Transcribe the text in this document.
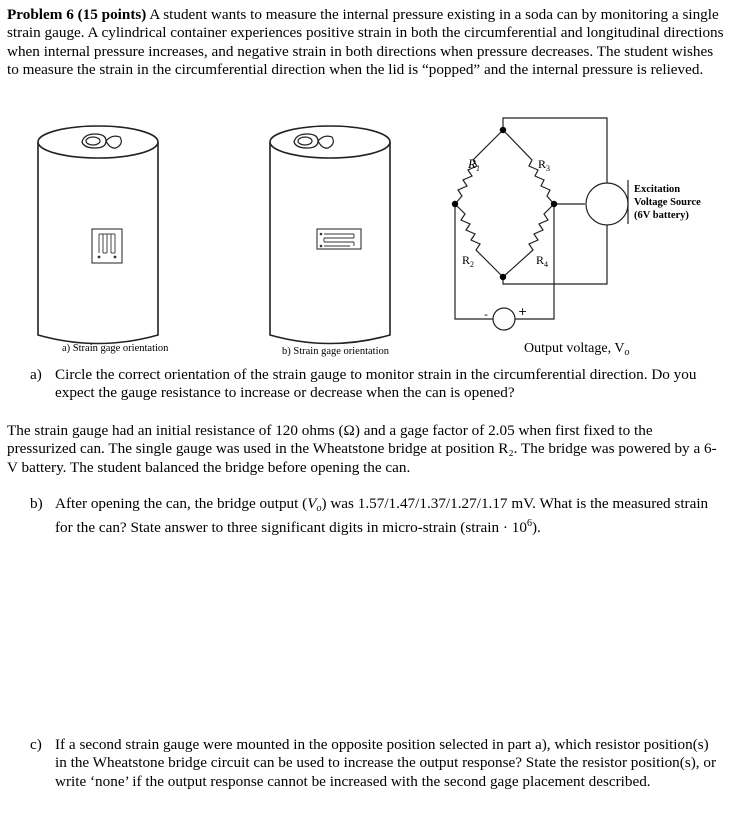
Problem 6 (15 points) A student wants to measure the internal pressure existing in a soda can by monitoring a single strain gauge. A cylindrical container experiences positive strain in both the circumferential and longitudinal directions when internal pressure increases, and negative strain in both directions when pressure decreases. The student wishes to measure the strain in the circumferential direction when the lid is “popped” and the internal pressure is relieved.

$R_1$	$R_3$
$R_2$	$R_4$
Excitation
Voltage Source
(6V battery)
-	+
a) Strain gage orientation	b) Strain gage orientation	Output voltage, $V_o$
a) Circle the correct orientation of the strain gauge to monitor strain in the circumferential direction. Do you expect the gauge resistance to increase or decrease when the can is opened?

The strain gauge had an initial resistance of 120 ohms (Ω) and a gage factor of 2.05 when first fixed to the pressurized can. The single gauge was used in the Wheatstone bridge at position R₂. The bridge was powered by a 6-V battery. The student balanced the bridge before opening the can.

b) After opening the can, the bridge output (Vo) was 1.57/1.47/1.37/1.27/1.17 mV. What is the measured strain for the can? State answer to three significant digits in micro-strain (strain · $10^6$).
c) If a second strain gauge were mounted in the opposite position selected in part a), which resistor position(s) in the Wheatstone bridge circuit can be used to increase the output response? State the resistor position(s), or write ‘none’ if the output response cannot be increased with the second gage placement described.
